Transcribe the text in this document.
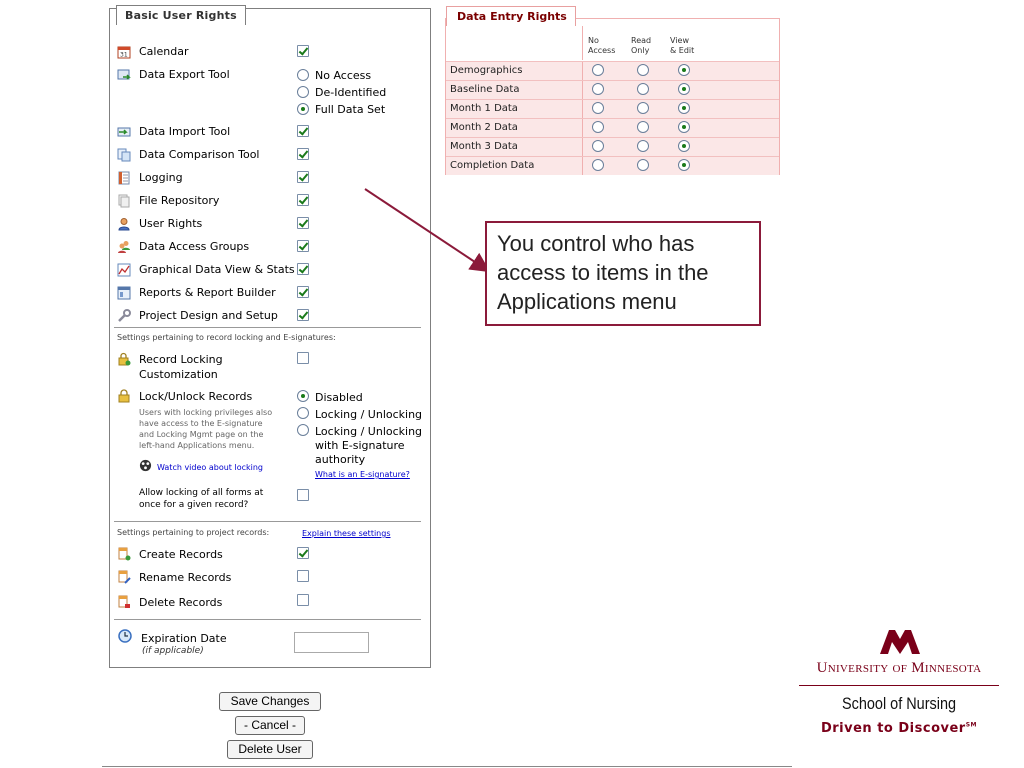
Basic User Rights
31 Calendar
Data Export Tool	No Access
De-Identified
Full Data Set
Data Import Tool
Data Comparison Tool
Logging
File Repository
User Rights
Data Access Groups
Graphical Data View & Stats
Reports & Report Builder
Project Design and Setup
Settings pertaining to record locking and E-signatures:
Record Locking
Customization
Lock/Unlock Records
Users with locking privileges also
have access to the E-signature
and Locking Mgmt page on the
left-hand Applications menu.
Watch video about locking
Disabled
Locking / Unlocking
Locking / Unlocking
with E-signature
authority
What is an E-signature?
Allow locking of all forms at
once for a given record?
Settings pertaining to project records:	Explain these settings
Create Records
Rename Records
Delete Records
Expiration Date
(if applicable)
Save Changes
- Cancel -
Delete User
Data Entry Rights
No
Access
Read
Only
View
& Edit
Demographics
Baseline Data
Month 1 Data
Month 2 Data
Month 3 Data
Completion Data
You control who has access to items in the Applications menu
University of Minnesota
School of Nursing
Driven to Discover℠
